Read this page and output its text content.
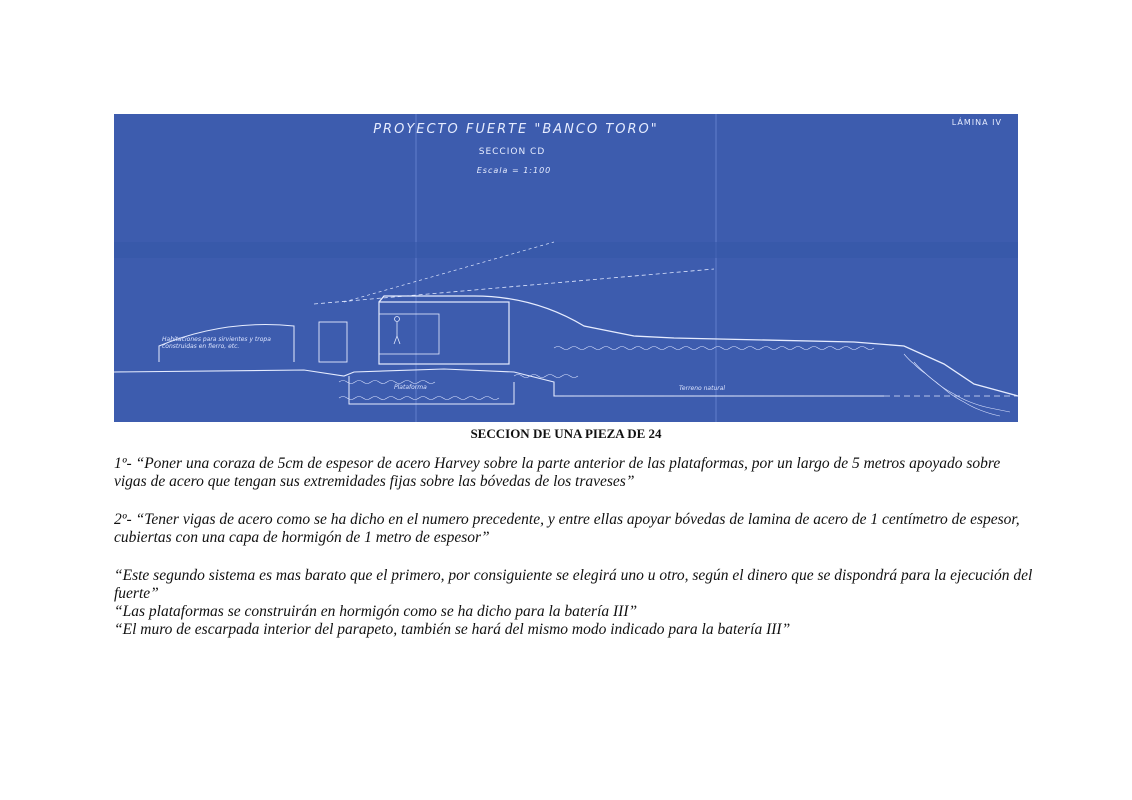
PROYECTO FUERTE "BANCO TORO"
SECCION CD
Escala = 1:100
LÁMINA IV
Plataforma	Terreno natural
Habitaciones para sirvientes y tropa construidas en fierro, etc.
SECCION DE UNA PIEZA DE 24

1º- “Poner una coraza de 5cm de espesor de acero Harvey sobre la parte anterior de las plataformas, por un largo de 5 metros apoyado sobre vigas de acero que tengan sus extremidades fijas sobre las bóvedas de los traveses”

2º- “Tener vigas de acero como se ha dicho en el numero precedente, y entre ellas apoyar bóvedas de lamina de acero de 1 centímetro de espesor, cubiertas con una capa de hormigón de 1 metro de espesor”

“Este segundo sistema es mas barato que el primero, por consiguiente se elegirá uno u otro, según el dinero que se dispondrá para la ejecución del fuerte”

“Las plataformas se construirán en hormigón como se ha dicho para la batería III”

“El muro de escarpada interior del parapeto, también se hará del mismo modo indicado para la batería III”
